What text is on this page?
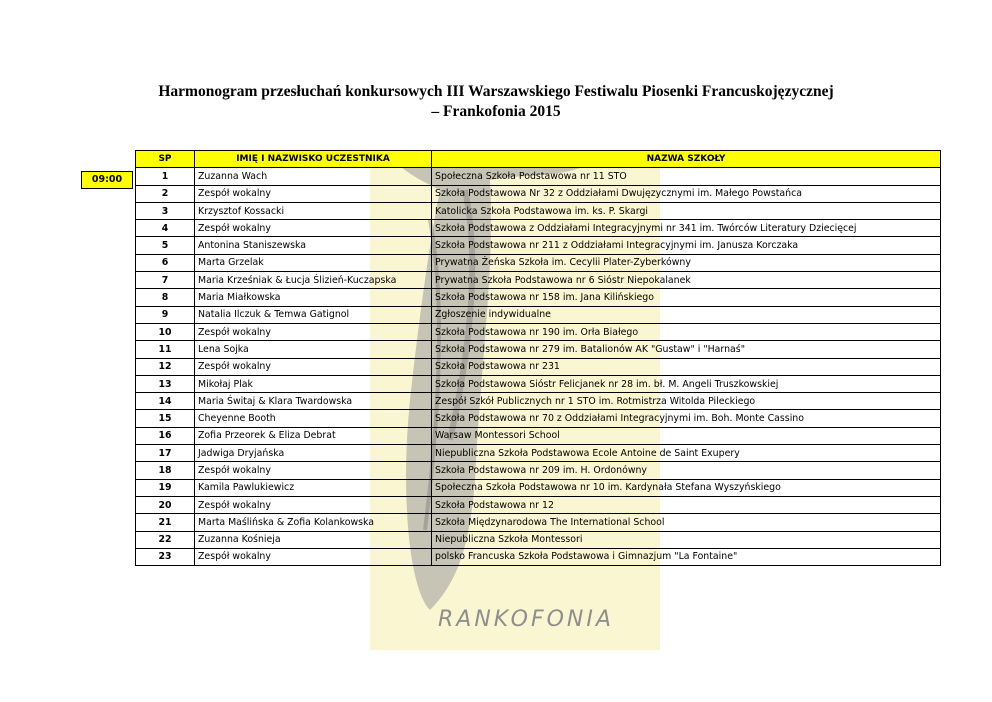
RANKOFONIA
Harmonogram przesłuchań konkursowych III Warszawskiego Festiwalu Piosenki Francuskojęzycznej
– Frankofonia 2015
09:00
SP	IMIĘ I NAZWISKO UCZESTNIKA	NAZWA SZKOŁY
1	Zuzanna Wach	Społeczna Szkoła Podstawowa nr 11 STO
2	Zespół wokalny	Szkoła Podstawowa Nr 32 z Oddziałami Dwujęzycznymi im. Małego Powstańca
3	Krzysztof Kossacki	Katolicka Szkoła Podstawowa im. ks. P. Skargi
4	Zespół wokalny	Szkoła Podstawowa z Oddziałami Integracyjnymi nr 341 im. Twórców Literatury Dziecięcej
5	Antonina Staniszewska	Szkoła Podstawowa nr 211 z Oddziałami Integracyjnymi im. Janusza Korczaka
6	Marta Grzelak	Prywatna Żeńska Szkoła im. Cecylii Plater-Zyberkówny
7	Maria Krześniak & Łucja Ślizień-Kuczapska	Prywatna Szkoła Podstawowa nr 6 Sióstr Niepokalanek
8	Maria Miałkowska	Szkoła Podstawowa nr 158 im. Jana Kilińskiego
9	Natalia Ilczuk & Temwa Gatignol	Zgłoszenie indywidualne
10	Zespół wokalny	Szkoła Podstawowa nr 190 im. Orła Białego
11	Lena Sojka	Szkoła Podstawowa nr 279 im. Batalionów AK "Gustaw" i "Harnaś"
12	Zespół wokalny	Szkoła Podstawowa nr 231
13	Mikołaj Plak	Szkoła Podstawowa Sióstr Felicjanek nr 28 im. bł. M. Angeli Truszkowskiej
14	Maria Świtaj & Klara Twardowska	Zespół Szkół Publicznych nr 1 STO im. Rotmistrza Witolda Pileckiego
15	Cheyenne Booth	Szkoła Podstawowa nr 70 z Oddziałami Integracyjnymi im. Boh. Monte Cassino
16	Zofia Przeorek & Eliza Debrat	Warsaw Montessori School
17	Jadwiga Dryjańska	Niepubliczna Szkoła Podstawowa Ecole Antoine de Saint Exupery
18	Zespół wokalny	Szkoła Podstawowa nr 209 im. H. Ordonówny
19	Kamila Pawlukiewicz	Społeczna Szkoła Podstawowa nr 10 im. Kardynała Stefana Wyszyńskiego
20	Zespół wokalny	Szkoła Podstawowa nr 12
21	Marta Maślińska & Zofia Kolankowska	Szkoła Międzynarodowa The International School
22	Zuzanna Kośnieja	Niepubliczna Szkoła Montessori
23	Zespół wokalny	polsko Francuska Szkoła Podstawowa i Gimnazjum "La Fontaine"
